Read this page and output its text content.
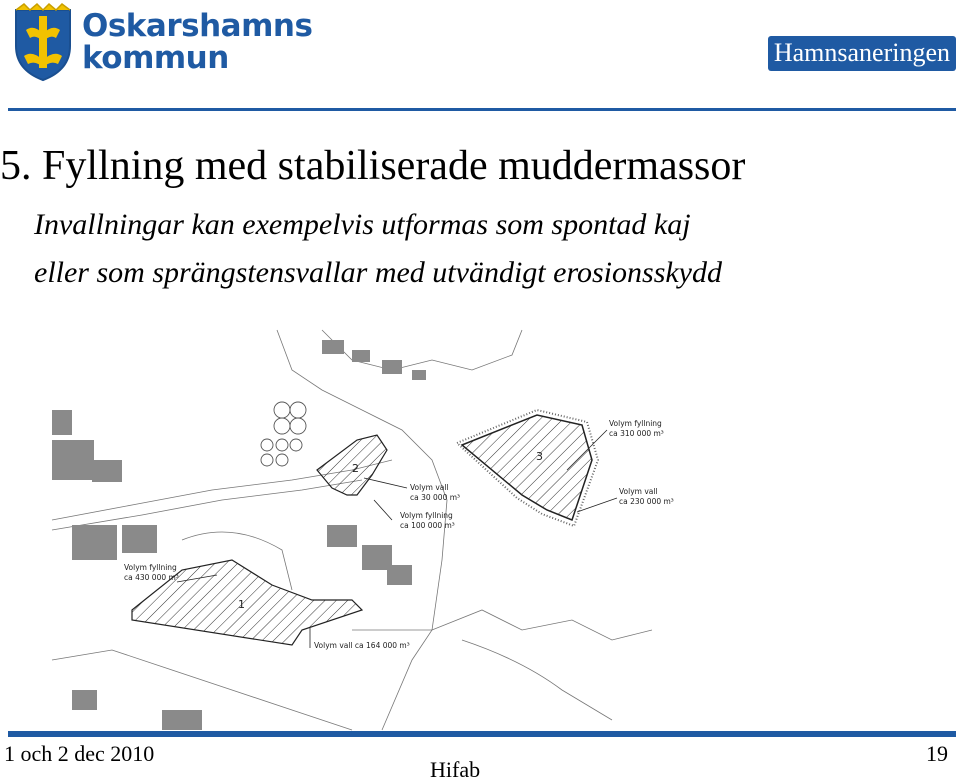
Oskarshamns
kommun	Hamnsaneringen
5. Fyllning med stabiliserade muddermassor
Invallningar kan exempelvis utformas som spontad kaj
eller som sprängstensvallar med utvändigt erosionsskydd
1
2
3
Volym fyllning
ca 430 000 m³
Volym vall
ca 30 000 m³
Volym fyllning
ca 310 000 m³
Volym fyllning
ca 100 000 m³
Volym vall
ca 230 000 m³
Volym vall ca 164 000 m³
1 och 2 dec 2010
Hifab
19
